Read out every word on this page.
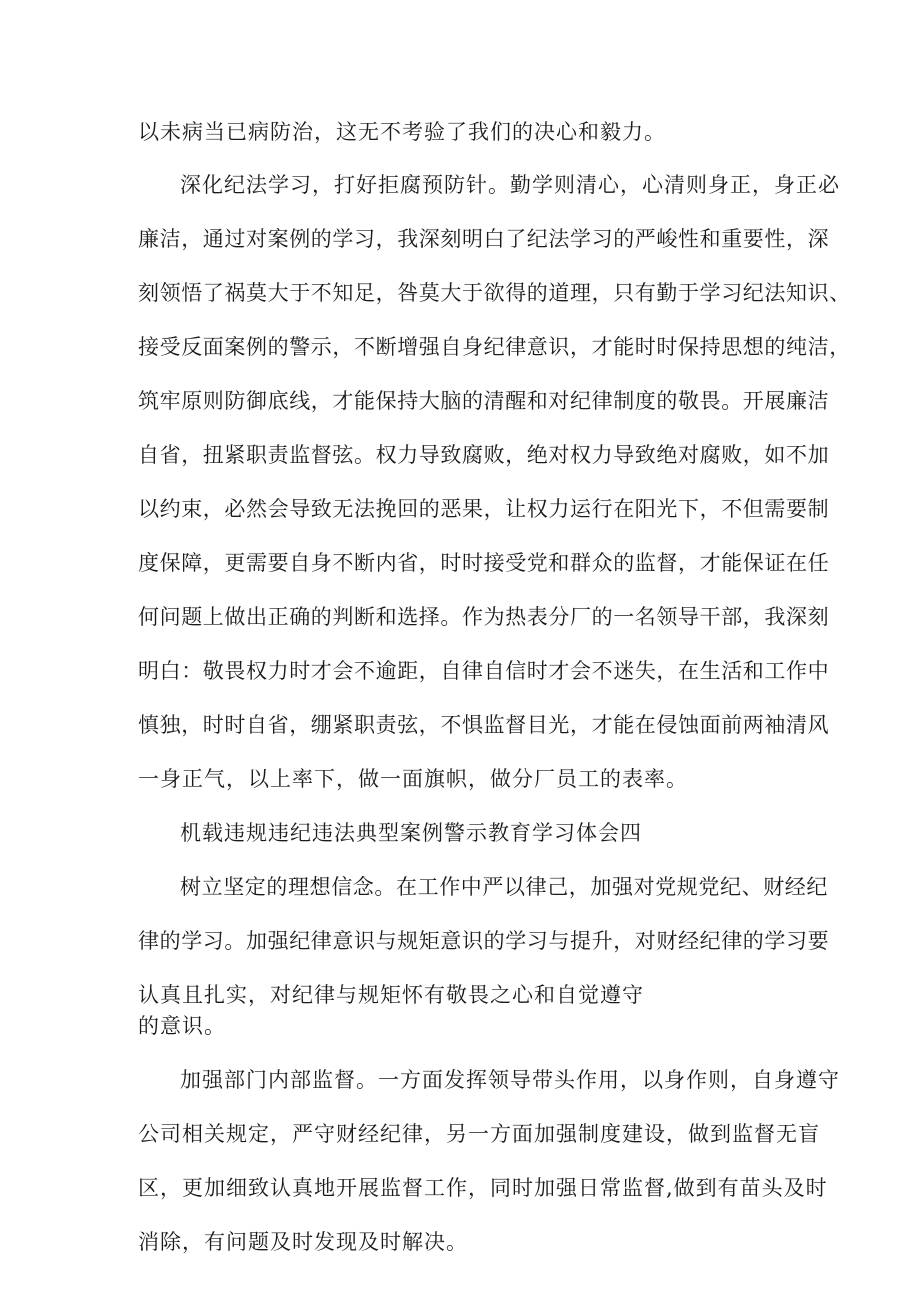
以未病当已病防治，这无不考验了我们的决心和毅力。
深化纪法学习，打好拒腐预防针。勤学则清心，心清则身正，身正必
廉洁，通过对案例的学习，我深刻明白了纪法学习的严峻性和重要性，深
刻领悟了祸莫大于不知足，咎莫大于欲得的道理，只有勤于学习纪法知识、
接受反面案例的警示，不断增强自身纪律意识，才能时时保持思想的纯洁，
筑牢原则防御底线，才能保持大脑的清醒和对纪律制度的敬畏。开展廉洁
自省，扭紧职责监督弦。权力导致腐败，绝对权力导致绝对腐败，如不加
以约束，必然会导致无法挽回的恶果，让权力运行在阳光下，不但需要制
度保障，更需要自身不断内省，时时接受党和群众的监督，才能保证在任
何问题上做出正确的判断和选择。作为热表分厂的一名领导干部，我深刻
明白：敬畏权力时才会不逾距，自律自信时才会不迷失，在生活和工作中
慎独，时时自省，绷紧职责弦，不惧监督目光，才能在侵蚀面前两袖清风
一身正气，以上率下，做一面旗帜，做分厂员工的表率。
机载违规违纪违法典型案例警示教育学习体会四
树立坚定的理想信念。在工作中严以律己，加强对党规党纪、财经纪
律的学习。加强纪律意识与规矩意识的学习与提升，对财经纪律的学习要
认真且扎实，对纪律与规矩怀有敬畏之心和自觉遵守
的意识。
加强部门内部监督。一方面发挥领导带头作用，以身作则，自身遵守
公司相关规定，严守财经纪律，另一方面加强制度建设，做到监督无盲
区，更加细致认真地开展监督工作，同时加强日常监督,做到有苗头及时
消除，有问题及时发现及时解决。
